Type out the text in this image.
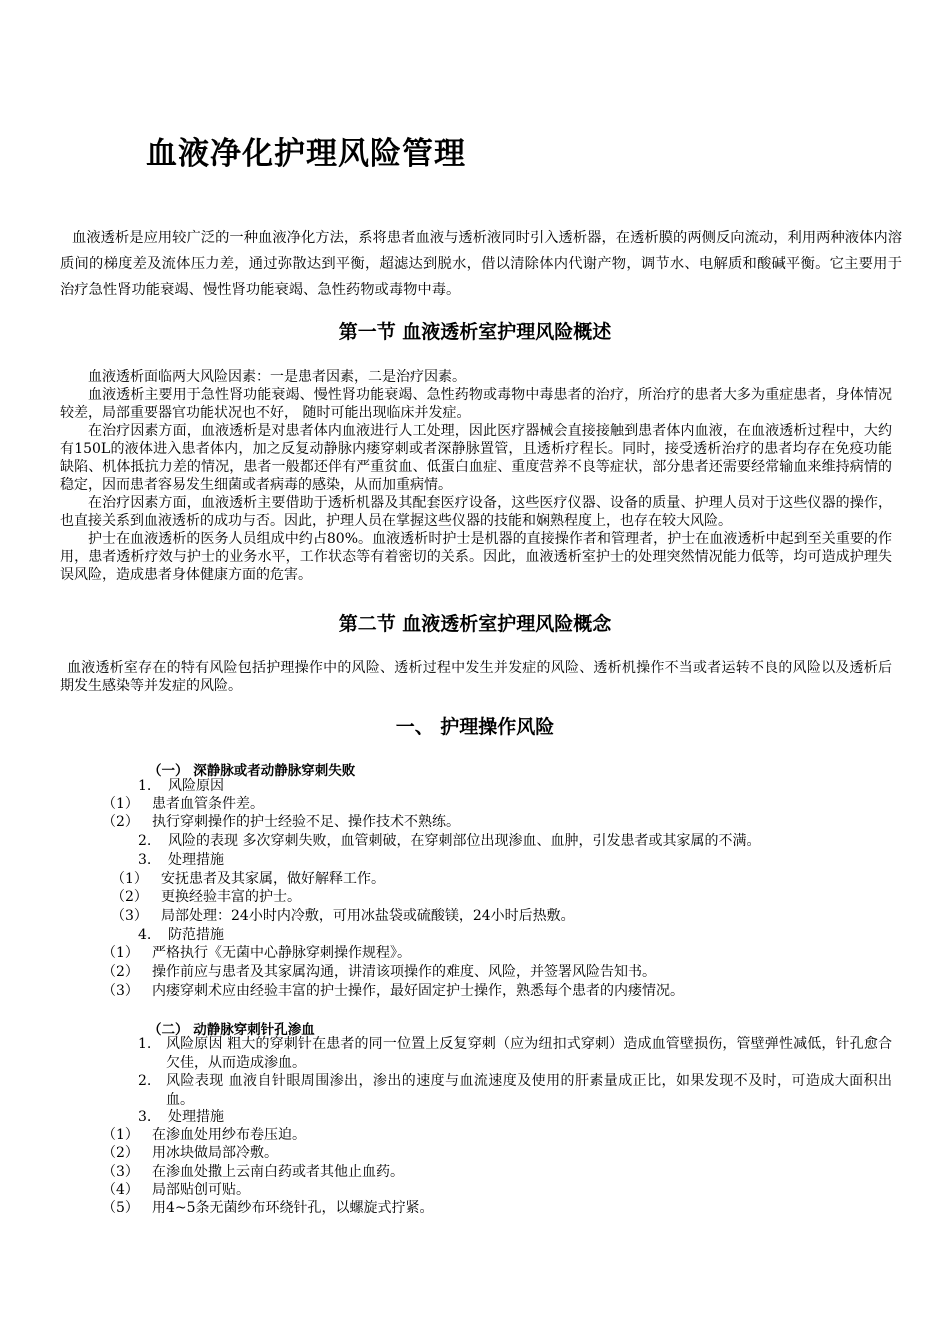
血液净化护理风险管理
血液透析是应用较广泛的一种血液净化方法，系将患者血液与透析液同时引入透析器，在透析膜的两侧反向流动，利用两种液体内溶质间的梯度差及流体压力差，通过弥散达到平衡，超滤达到脱水，借以清除体内代谢产物，调节水、电解质和酸碱平衡。它主要用于治疗急性肾功能衰竭、慢性肾功能衰竭、急性药物或毒物中毒。
第一节 血液透析室护理风险概述

血液透析面临两大风险因素：一是患者因素，二是治疗因素。

血液透析主要用于急性肾功能衰竭、慢性肾功能衰竭、急性药物或毒物中毒患者的治疗，所治疗的患者大多为重症患者，身体情况较差，局部重要器官功能状况也不好， 随时可能出现临床并发症。

在治疗因素方面，血液透析是对患者体内血液进行人工处理，因此医疗器械会直接接触到患者体内血液，在血液透析过程中，大约有150L的液体进入患者体内，加之反复动静脉内瘘穿刺或者深静脉置管，且透析疗程长。同时，接受透析治疗的患者均存在免疫功能缺陷、机体抵抗力差的情况，患者一般都还伴有严重贫血、低蛋白血症、重度营养不良等症状，部分患者还需要经常输血来维持病情的稳定，因而患者容易发生细菌或者病毒的感染，从而加重病情。

在治疗因素方面，血液透析主要借助于透析机器及其配套医疗设备，这些医疗仪器、设备的质量、护理人员对于这些仪器的操作，也直接关系到血液透析的成功与否。因此，护理人员在掌握这些仪器的技能和娴熟程度上，也存在较大风险。

护士在血液透析的医务人员组成中约占80%。血液透析时护士是机器的直接操作者和管理者，护士在血液透析中起到至关重要的作用，患者透析疗效与护士的业务水平，工作状态等有着密切的关系。因此，血液透析室护士的处理突然情况能力低等，均可造成护理失误风险，造成患者身体健康方面的危害。

第二节 血液透析室护理风险概念

血液透析室存在的特有风险包括护理操作中的风险、透析过程中发生并发症的风险、透析机操作不当或者运转不良的风险以及透析后期发生感染等并发症的风险。

一、 护理操作风险
（一） 深静脉或者动静脉穿刺失败
1. 风险原因
（1） 患者血管条件差。
（2） 执行穿刺操作的护士经验不足、操作技术不熟练。
2. 风险的表现 多次穿刺失败，血管刺破，在穿刺部位出现渗血、血肿，引发患者或其家属的不满。
3. 处理措施
（1） 安抚患者及其家属，做好解释工作。
（2） 更换经验丰富的护士。
（3） 局部处理：24小时内冷敷，可用冰盐袋或硫酸镁，24小时后热敷。
4. 防范措施
（1） 严格执行《无菌中心静脉穿刺操作规程》。
（2） 操作前应与患者及其家属沟通，讲清该项操作的难度、风险，并签署风险告知书。
（3） 内瘘穿刺术应由经验丰富的护士操作，最好固定护士操作，熟悉每个患者的内瘘情况。
（二） 动静脉穿刺针孔渗血
1. 风险原因 粗大的穿刺针在患者的同一位置上反复穿刺（应为纽扣式穿刺）造成血管壁损伤，管壁弹性减低，针孔愈合欠佳，从而造成渗血。
2. 风险表现 血液自针眼周围渗出，渗出的速度与血流速度及使用的肝素量成正比，如果发现不及时，可造成大面积出血。
3. 处理措施
（1） 在渗血处用纱布卷压迫。
（2） 用冰块做局部冷敷。
（3） 在渗血处撒上云南白药或者其他止血药。
（4） 局部贴创可贴。
（5） 用4~5条无菌纱布环绕针孔，以螺旋式拧紧。
